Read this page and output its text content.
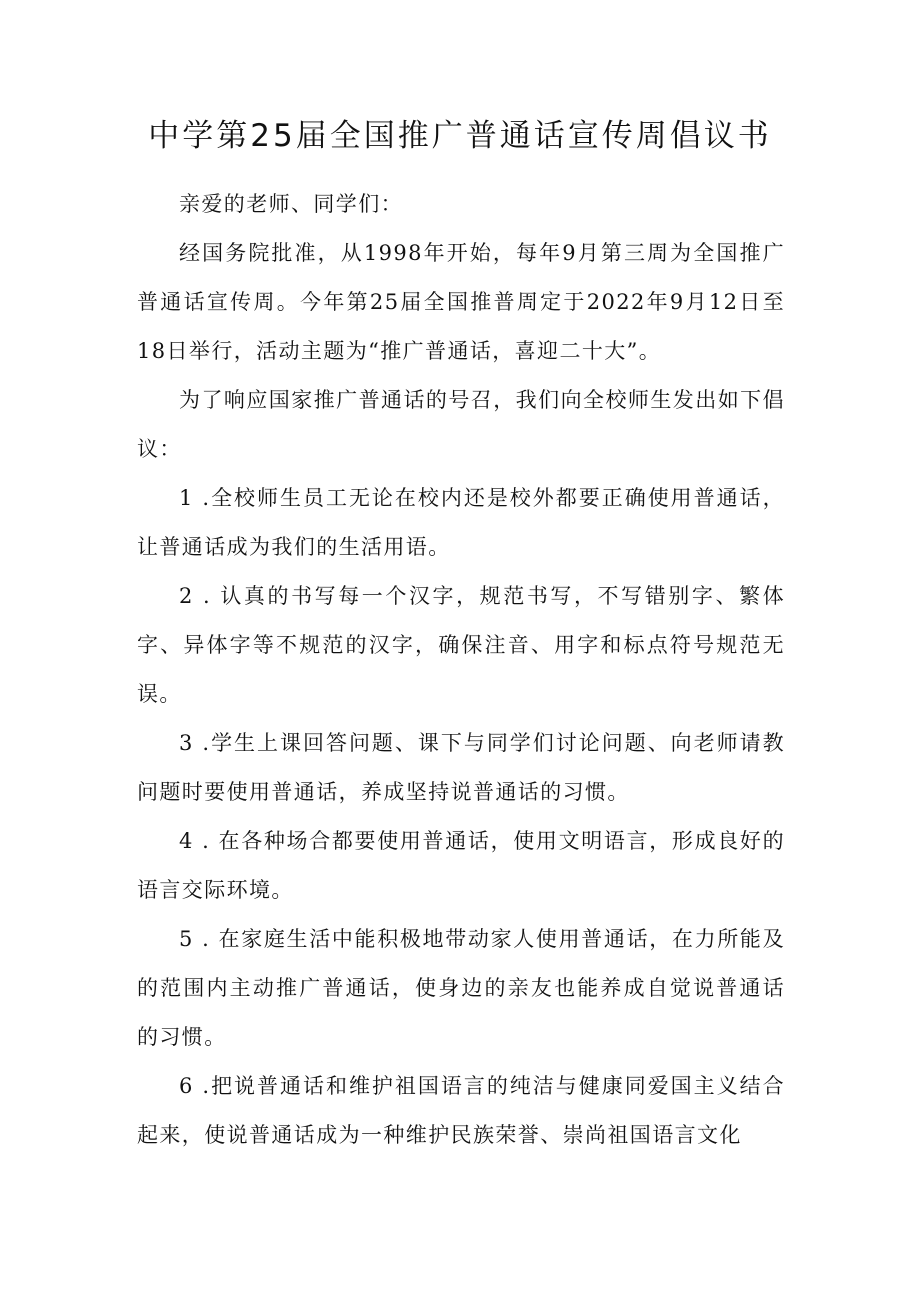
中学第25届全国推广普通话宣传周倡议书

亲爱的老师、同学们：

经国务院批准，从1998年开始，每年9月第三周为全国推广普通话宣传周。今年第25届全国推普周定于2022年9月12日至18日举行，活动主题为“推广普通话，喜迎二十大”。

为了响应国家推广普通话的号召，我们向全校师生发出如下倡议：

1 .全校师生员工无论在校内还是校外都要正确使用普通话，让普通话成为我们的生活用语。

2 . 认真的书写每一个汉字，规范书写，不写错别字、繁体字、异体字等不规范的汉字，确保注音、用字和标点符号规范无误。

3 .学生上课回答问题、课下与同学们讨论问题、向老师请教问题时要使用普通话，养成坚持说普通话的习惯。

4 . 在各种场合都要使用普通话，使用文明语言，形成良好的语言交际环境。

5 . 在家庭生活中能积极地带动家人使用普通话，在力所能及的范围内主动推广普通话，使身边的亲友也能养成自觉说普通话的习惯。

6 .把说普通话和维护祖国语言的纯洁与健康同爱国主义结合起来，使说普通话成为一种维护民族荣誉、崇尚祖国语言文化
